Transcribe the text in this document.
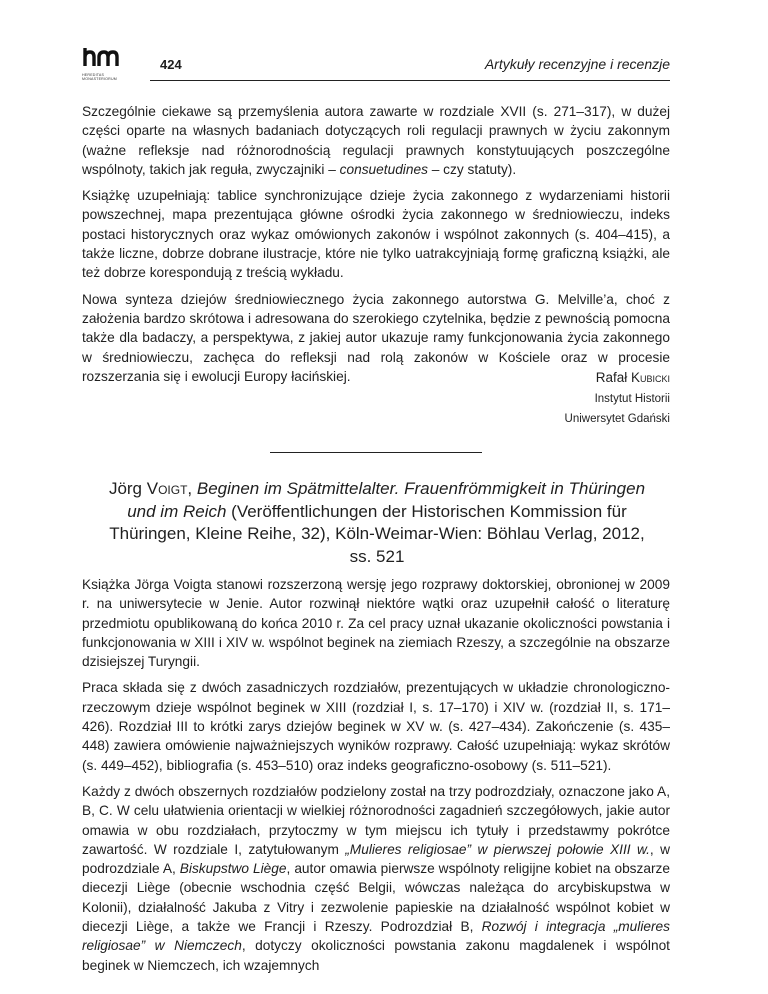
HEREDITAS MONASTERIORUM
424	Artykuły recenzyjne i recenzje

Szczególnie ciekawe są przemyślenia autora zawarte w rozdziale XVII (s. 271–317), w dużej części oparte na własnych badaniach dotyczących roli regulacji prawnych w życiu zakonnym (ważne refleksje nad różnorodnością regulacji prawnych konstytuujących poszczególne wspólnoty, takich jak reguła, zwyczajniki – consuetudines – czy statuty).

Książkę uzupełniają: tablice synchronizujące dzieje życia zakonnego z wydarzeniami historii powszechnej, mapa prezentująca główne ośrodki życia zakonnego w średniowieczu, indeks postaci historycznych oraz wykaz omówionych zakonów i wspólnot zakonnych (s. 404–415), a także liczne, dobrze dobrane ilustracje, które nie tylko uatrakcyjniają formę graficzną książki, ale też dobrze korespondują z treścią wykładu.

Nowa synteza dziejów średniowiecznego życia zakonnego autorstwa G. Melville’a, choć z założenia bardzo skrótowa i adresowana do szerokiego czytelnika, będzie z pewnością pomocna także dla badaczy, a perspektywa, z jakiej autor ukazuje ramy funkcjonowania życia zakonnego w średniowieczu, zachęca do refleksji nad rolą zakonów w Kościele oraz w procesie rozszerzania się i ewolucji Europy łacińskiej.	Rafał Kubicki
Instytut Historii
Uniwersytet Gdański
Jörg Voigt, Beginen im Spätmittelalter. Frauenfrömmigkeit in Thüringen und im Reich (Veröffentlichungen der Historischen Kommission für Thüringen, Kleine Reihe, 32), Köln-Weimar-Wien: Böhlau Verlag, 2012, ss. 521

Książka Jörga Voigta stanowi rozszerzoną wersję jego rozprawy doktorskiej, obronionej w 2009 r. na uniwersytecie w Jenie. Autor rozwinął niektóre wątki oraz uzupełnił całość o literaturę przedmiotu opublikowaną do końca 2010 r. Za cel pracy uznał ukazanie okoliczności powstania i funkcjonowania w XIII i XIV w. wspólnot beginek na ziemiach Rzeszy, a szczególnie na obszarze dzisiejszej Turyngii.

Praca składa się z dwóch zasadniczych rozdziałów, prezentujących w układzie chronologiczno-rzeczowym dzieje wspólnot beginek w XIII (rozdział I, s. 17–170) i XIV w. (rozdział II, s. 171–426). Rozdział III to krótki zarys dziejów beginek w XV w. (s. 427–434). Zakończenie (s. 435–448) zawiera omówienie najważniejszych wyników rozprawy. Całość uzupełniają: wykaz skrótów (s. 449–452), bibliografia (s. 453–510) oraz indeks geograficzno-osobowy (s. 511–521).

Każdy z dwóch obszernych rozdziałów podzielony został na trzy podrozdziały, oznaczone jako A, B, C. W celu ułatwienia orientacji w wielkiej różnorodności zagadnień szczegółowych, jakie autor omawia w obu rozdziałach, przytoczmy w tym miejscu ich tytuły i przedstawmy pokrótce zawartość. W rozdziale I, zatytułowanym „Mulieres religiosae” w pierwszej połowie XIII w., w podrozdziale A, Biskupstwo Liège, autor omawia pierwsze wspólnoty religijne kobiet na obszarze diecezji Liège (obecnie wschodnia część Belgii, wówczas należąca do arcybiskupstwa w Kolonii), działalność Jakuba z Vitry i zezwolenie papieskie na działalność wspólnot kobiet w diecezji Liège, a także we Francji i Rzeszy. Podrozdział B, Rozwój i integracja „mulieres religiosae” w Niemczech, dotyczy okoliczności powstania zakonu magdalenek i wspólnot beginek w Niemczech, ich wzajemnych
